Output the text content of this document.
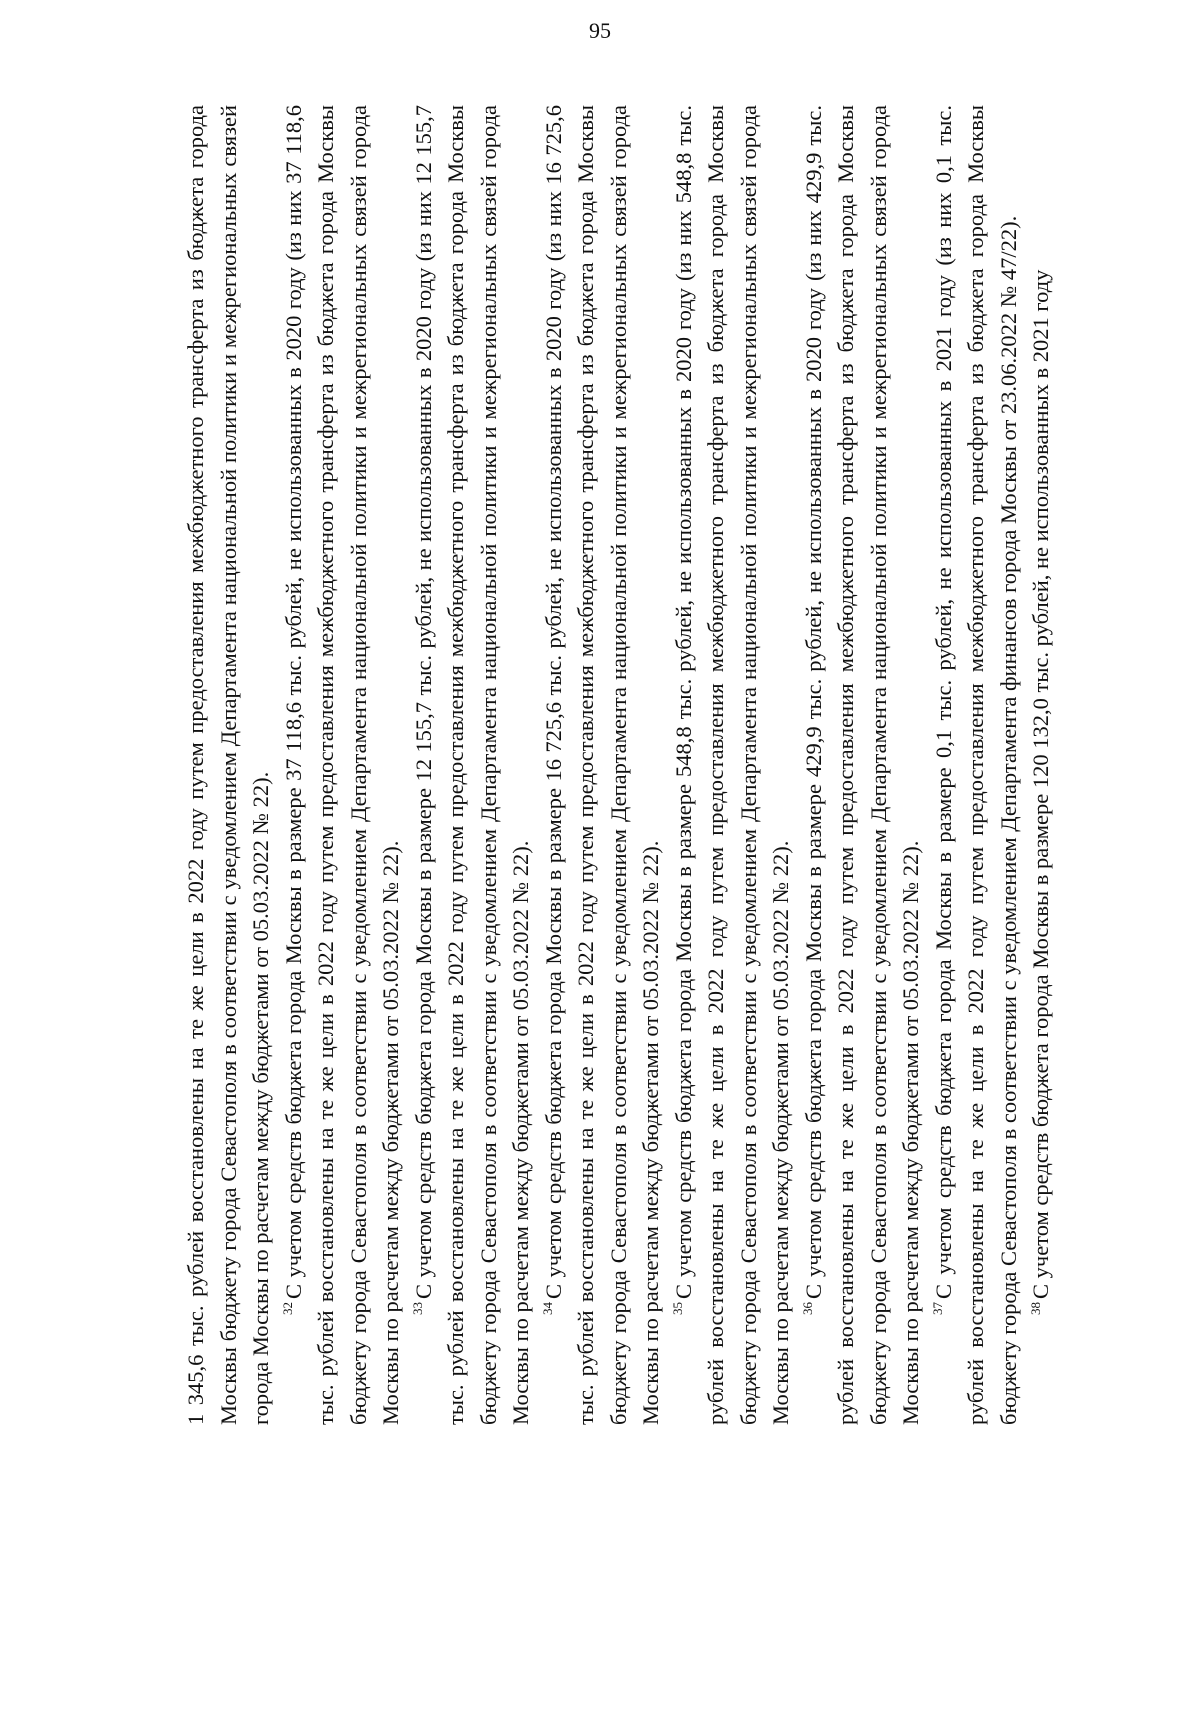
95

1 345,6 тыс. рублей восстановлены на те же цели в 2022 году путем предоставления межбюджетного трансферта из бюджета города Москвы бюджету города Севастополя в соответствии с уведомлением Департамента национальной политики и межрегиональных связей города Москвы по расчетам между бюджетами от 05.03.2022 № 22). $^{32}$С учетом средств бюджета города Москвы в размере 37 118,6 тыс. рублей, не использованных в 2020 году (из них 37 118,6 тыс. рублей восстановлены на те же цели в 2022 году путем предоставления межбюджетного трансферта из бюджета города Москвы бюджету города Севастополя в соответствии с уведомлением Департамента национальной политики и межрегиональных связей города Москвы по расчетам между бюджетами от 05.03.2022 № 22). $^{33}$С учетом средств бюджета города Москвы в размере 12 155,7 тыс. рублей, не использованных в 2020 году (из них 12 155,7 тыс. рублей восстановлены на те же цели в 2022 году путем предоставления межбюджетного трансферта из бюджета города Москвы бюджету города Севастополя в соответствии с уведомлением Департамента национальной политики и межрегиональных связей города Москвы по расчетам между бюджетами от 05.03.2022 № 22). $^{34}$С учетом средств бюджета города Москвы в размере 16 725,6 тыс. рублей, не использованных в 2020 году (из них 16 725,6 тыс. рублей восстановлены на те же цели в 2022 году путем предоставления межбюджетного трансферта из бюджета города Москвы бюджету города Севастополя в соответствии с уведомлением Департамента национальной политики и межрегиональных связей города Москвы по расчетам между бюджетами от 05.03.2022 № 22). $^{35}$С учетом средств бюджета города Москвы в размере 548,8 тыс. рублей, не использованных в 2020 году (из них 548,8 тыс. рублей восстановлены на те же цели в 2022 году путем предоставления межбюджетного трансферта из бюджета города Москвы бюджету города Севастополя в соответствии с уведомлением Департамента национальной политики и межрегиональных связей города Москвы по расчетам между бюджетами от 05.03.2022 № 22). $^{36}$С учетом средств бюджета города Москвы в размере 429,9 тыс. рублей, не использованных в 2020 году (из них 429,9 тыс. рублей восстановлены на те же цели в 2022 году путем предоставления межбюджетного трансферта из бюджета города Москвы бюджету города Севастополя в соответствии с уведомлением Департамента национальной политики и межрегиональных связей города Москвы по расчетам между бюджетами от 05.03.2022 № 22). $^{37}$С учетом средств бюджета города Москвы в размере 0,1 тыс. рублей, не использованных в 2021 году (из них 0,1 тыс. рублей восстановлены на те же цели в 2022 году путем предоставления межбюджетного трансферта из бюджета города Москвы бюджету города Севастополя в соответствии с уведомлением Департамента финансов города Москвы от 23.06.2022 № 47/22). $^{38}$С учетом средств бюджета города Москвы в размере 120 132,0 тыс. рублей, не использованных в 2021 году
